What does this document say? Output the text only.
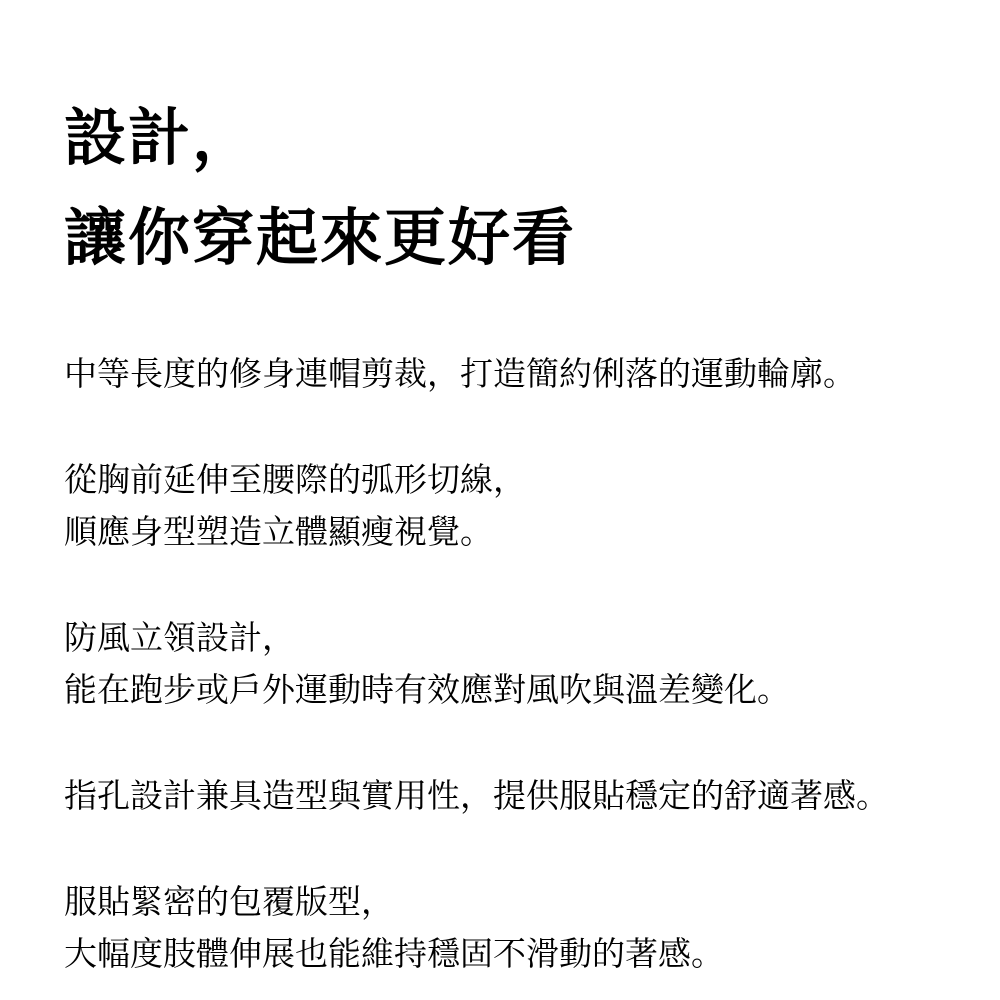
設計，
讓你穿起來更好看

中等長度的修身連帽剪裁，打造簡約俐落的運動輪廓。

從胸前延伸至腰際的弧形切線，
順應身型塑造立體顯瘦視覺。

防風立領設計，
能在跑步或戶外運動時有效應對風吹與溫差變化。

指孔設計兼具造型與實用性，提供服貼穩定的舒適著感。

服貼緊密的包覆版型，
大幅度肢體伸展也能維持穩固不滑動的著感。
